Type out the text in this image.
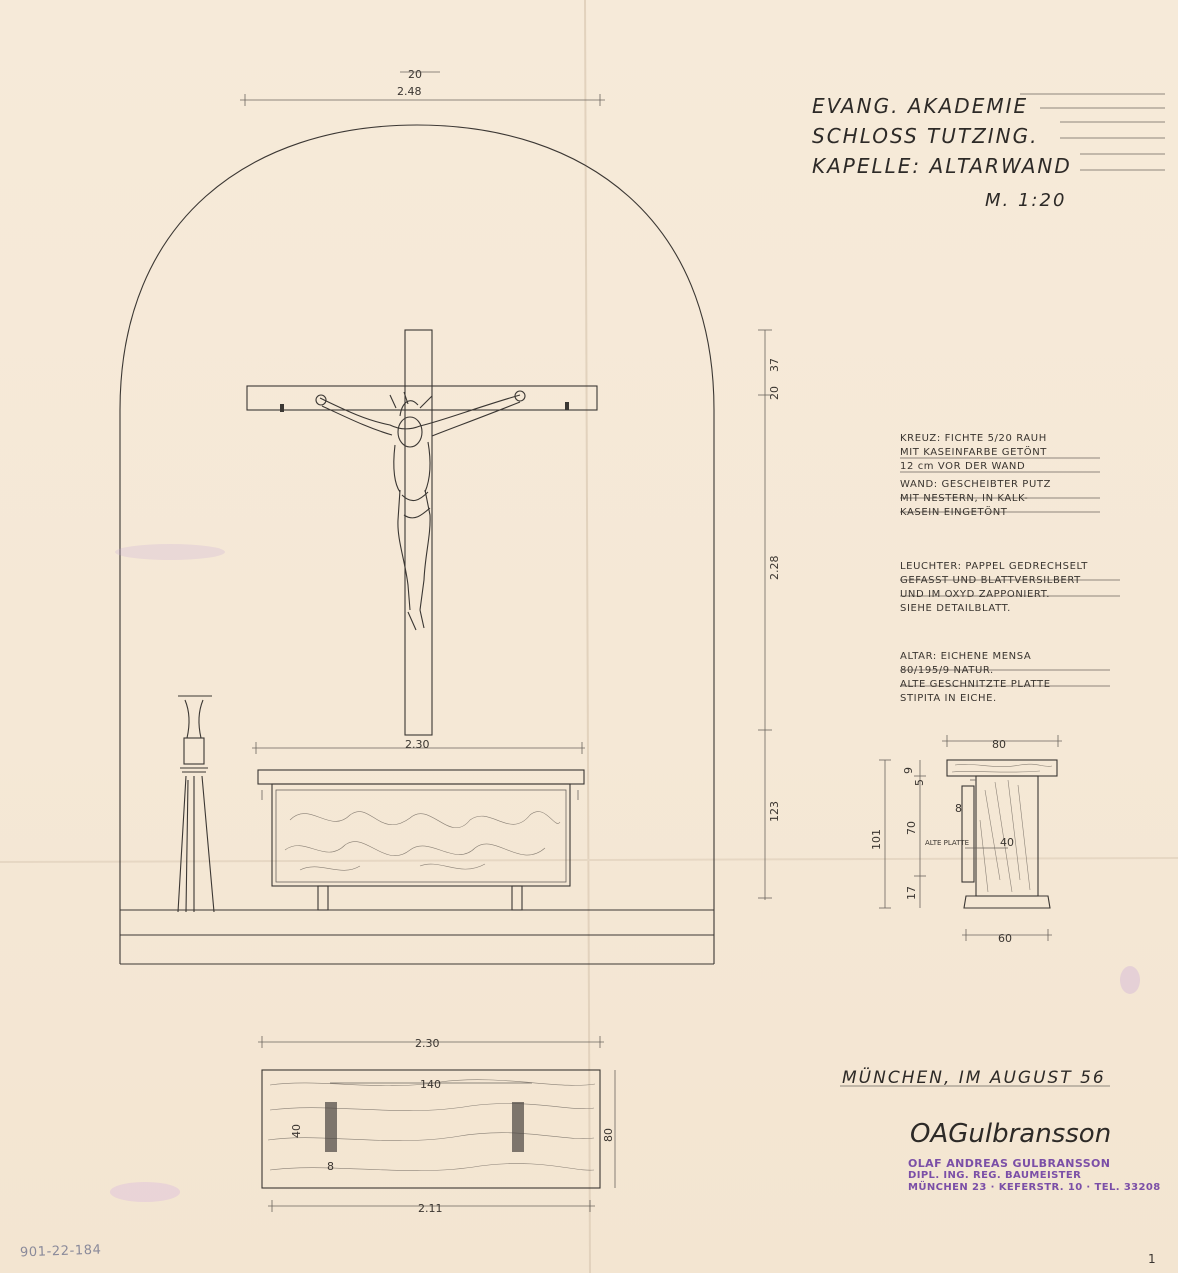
2.48
20
2.30
37
20
2.28
123
80
60
101
70
17
9
5
8
40
ALTE PLATTE
2.30
140
80
40
8
2.11
OAGulbransson
EVANG. AKADEMIE
SCHLOSS TUTZING.
KAPELLE: ALTARWAND
M. 1:20
KREUZ: FICHTE 5/20 RAUH
MIT KASEINFARBE GETÖNT
12 cm VOR DER WAND
WAND: GESCHEIBTER PUTZ
MIT NESTERN, IN KALK-
KASEIN EINGETÖNT
LEUCHTER: PAPPEL GEDRECHSELT
GEFASST UND BLATTVERSILBERT
UND IM OXYD ZAPPONIERT.
SIEHE DETAILBLATT.
ALTAR: EICHENE MENSA
80/195/9 NATUR.
ALTE GESCHNITZTE PLATTE
STIPITA IN EICHE.
MÜNCHEN, IM AUGUST 56
OLAF ANDREAS GULBRANSSON
DIPL. ING. REG. BAUMEISTER
MÜNCHEN 23 · KEFERSTR. 10 · TEL. 33208
901-22-184	1
